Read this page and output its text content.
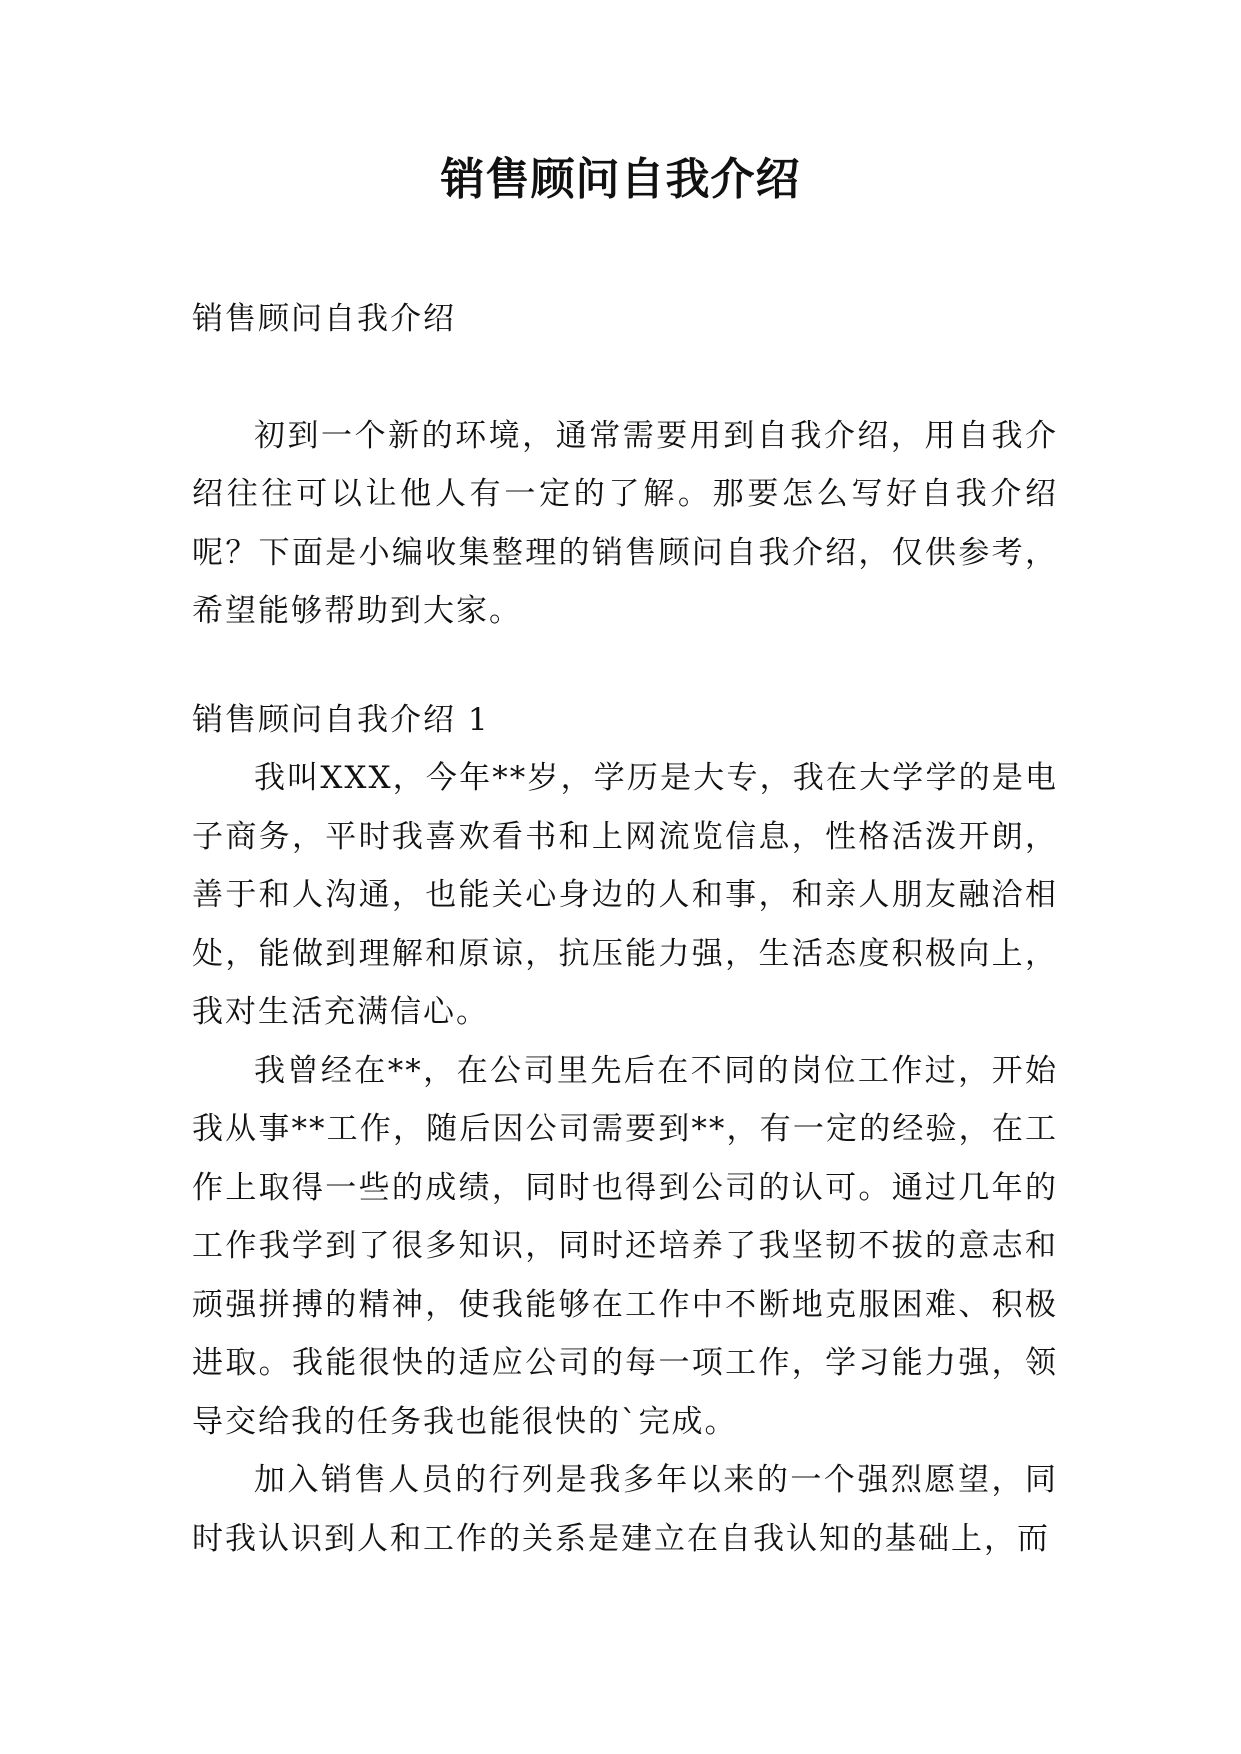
销售顾问自我介绍

销售顾问自我介绍

初到一个新的环境，通常需要用到自我介绍，用自我介绍往往可以让他人有一定的了解。那要怎么写好自我介绍呢？下面是小编收集整理的销售顾问自我介绍，仅供参考，希望能够帮助到大家。

销售顾问自我介绍 1

我叫XXX，今年**岁，学历是大专，我在大学学的是电子商务，平时我喜欢看书和上网流览信息，性格活泼开朗，善于和人沟通，也能关心身边的人和事，和亲人朋友融洽相处，能做到理解和原谅，抗压能力强，生活态度积极向上，我对生活充满信心。

我曾经在**，在公司里先后在不同的岗位工作过，开始我从事**工作，随后因公司需要到**，有一定的经验，在工作上取得一些的成绩，同时也得到公司的认可。通过几年的工作我学到了很多知识，同时还培养了我坚韧不拔的意志和顽强拼搏的精神，使我能够在工作中不断地克服困难、积极进取。我能很快的适应公司的每一项工作，学习能力强，领导交给我的任务我也能很快的`完成。

加入销售人员的行列是我多年以来的一个强烈愿望，同时我认识到人和工作的关系是建立在自我认知的基础上，而
